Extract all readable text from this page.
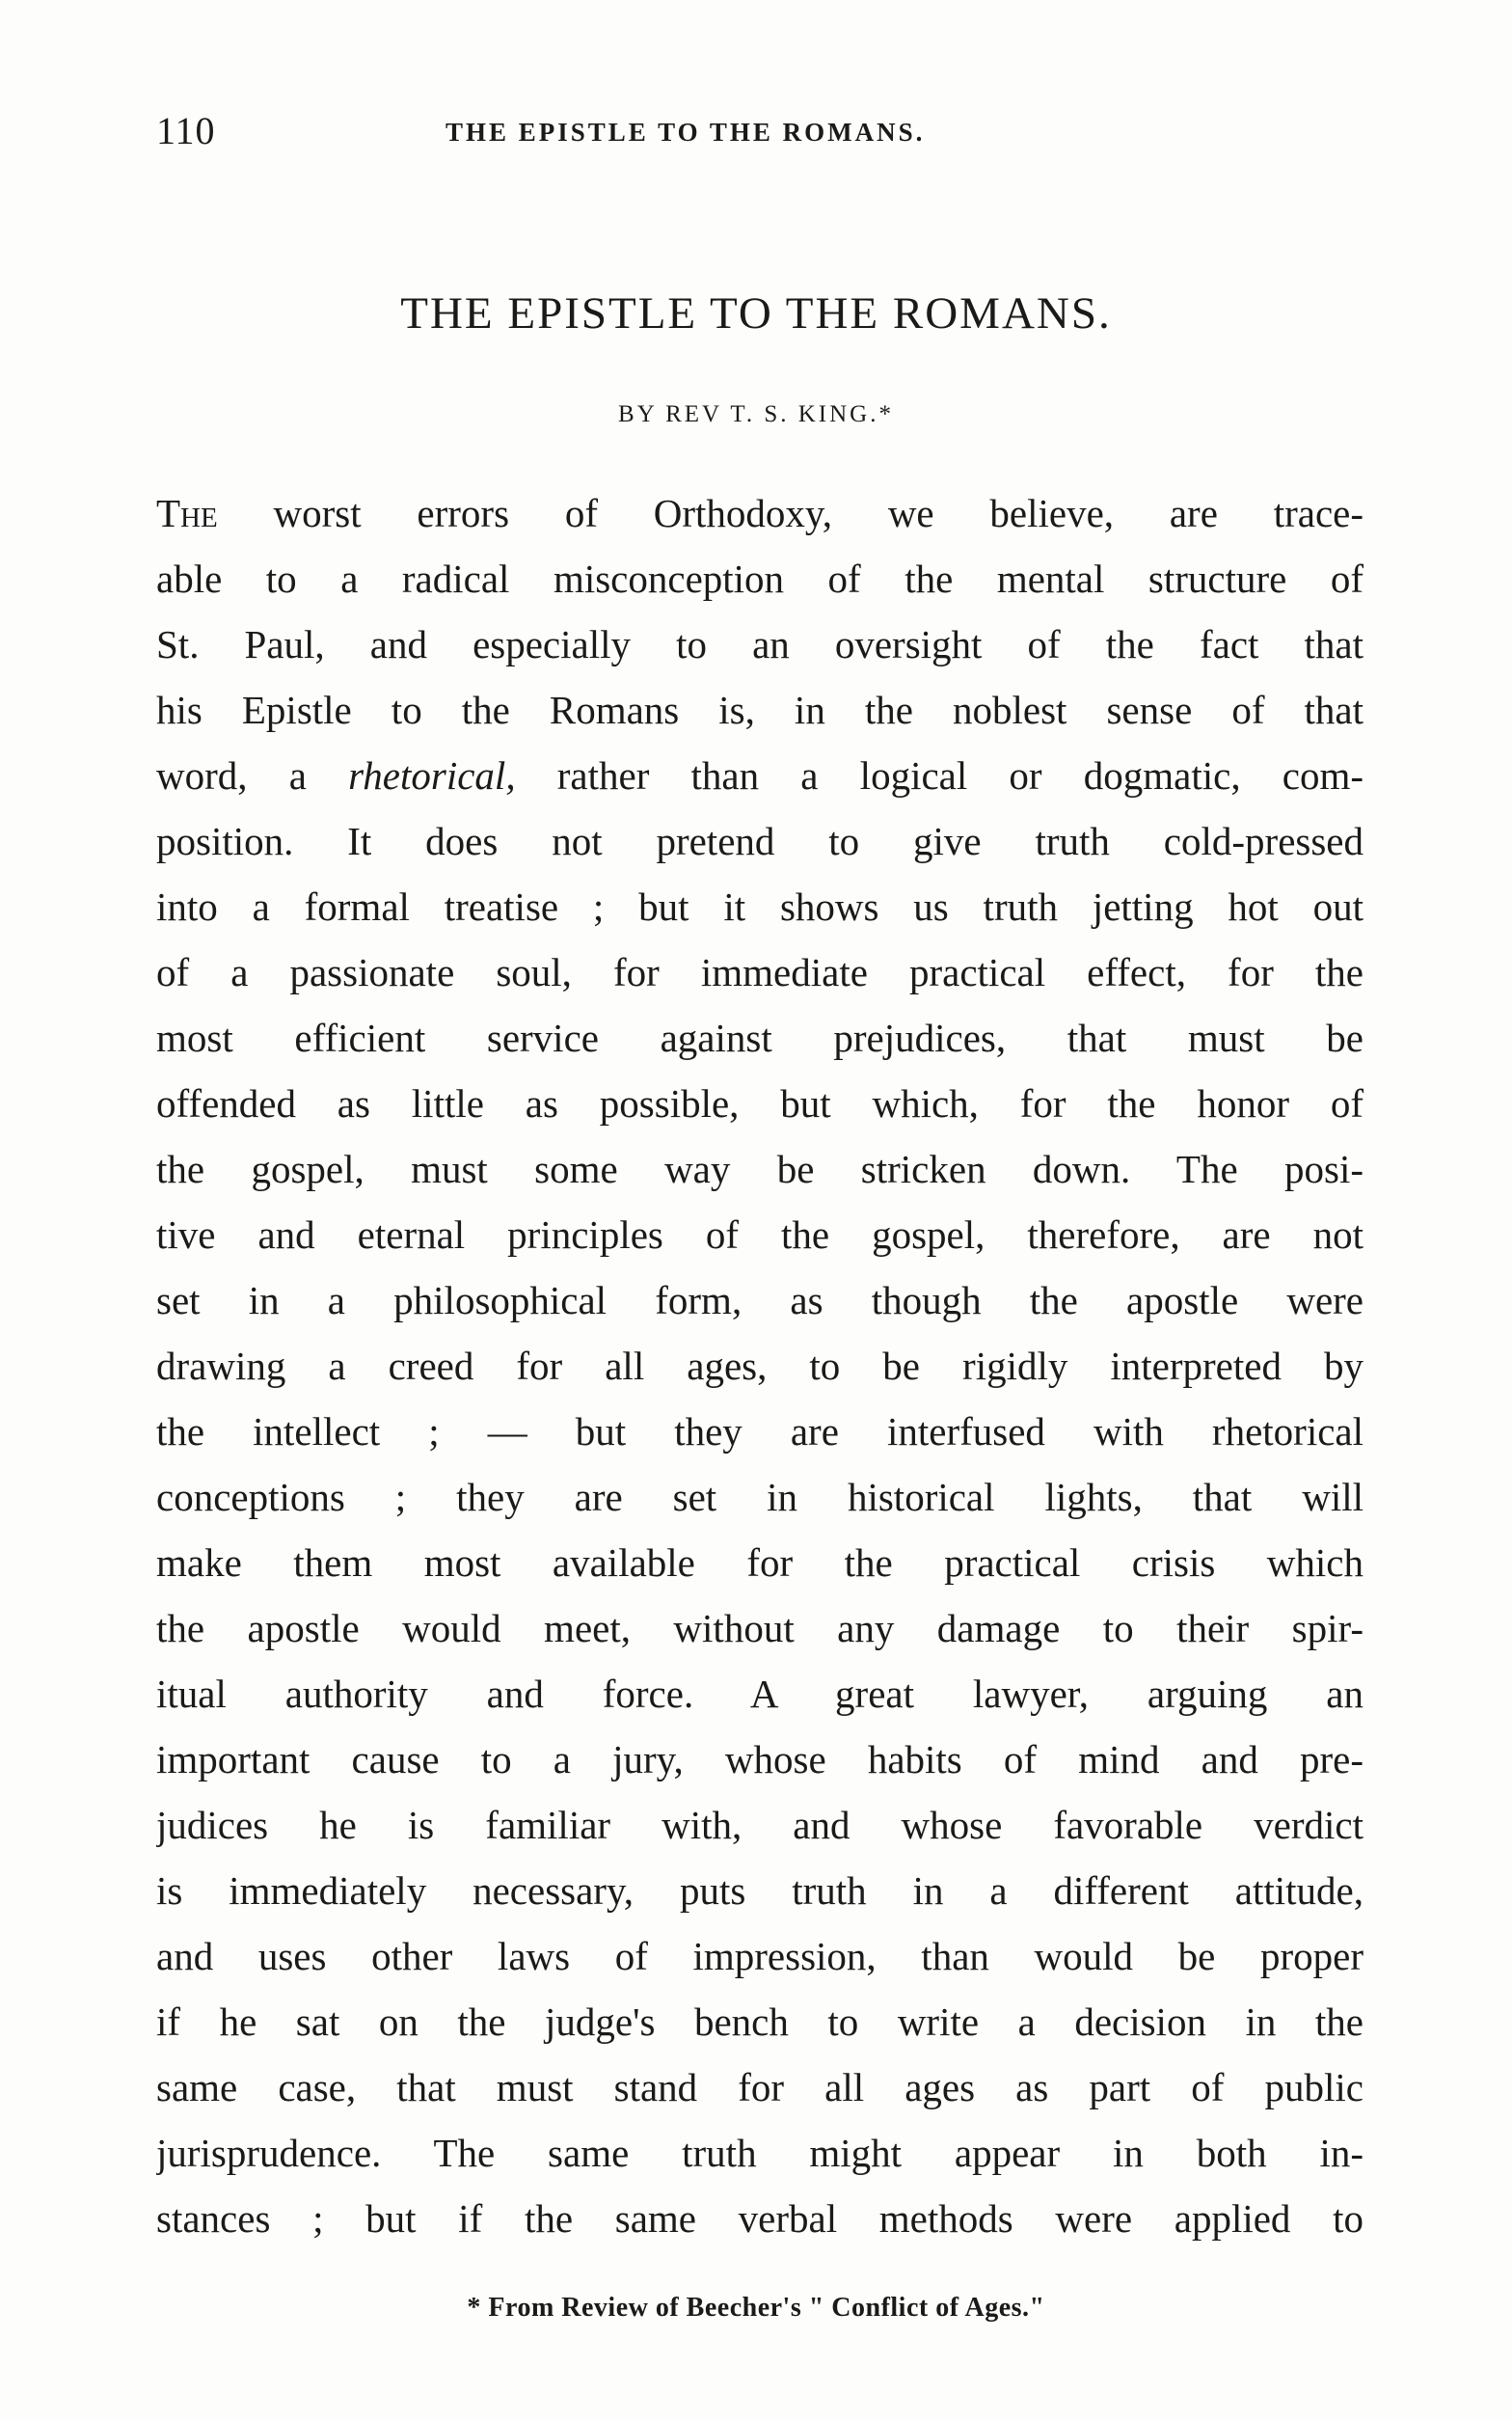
110	THE EPISTLE TO THE ROMANS.
THE EPISTLE TO THE ROMANS.
BY REV T. S. KING.*
The worst errors of Orthodoxy, we believe, are trace-
able to a radical misconception of the mental structure of
St. Paul, and especially to an oversight of the fact that
his Epistle to the Romans is, in the noblest sense of that
word, a rhetorical, rather than a logical or dogmatic, com-
position. It does not pretend to give truth cold-pressed
into a formal treatise ; but it shows us truth jetting hot out
of a passionate soul, for immediate practical effect, for the
most efficient service against prejudices, that must be
offended as little as possible, but which, for the honor of
the gospel, must some way be stricken down. The posi-
tive and eternal principles of the gospel, therefore, are not
set in a philosophical form, as though the apostle were
drawing a creed for all ages, to be rigidly interpreted by
the intellect ; — but they are interfused with rhetorical
conceptions ; they are set in historical lights, that will
make them most available for the practical crisis which
the apostle would meet, without any damage to their spir-
itual authority and force. A great lawyer, arguing an
important cause to a jury, whose habits of mind and pre-
judices he is familiar with, and whose favorable verdict
is immediately necessary, puts truth in a different attitude,
and uses other laws of impression, than would be proper
if he sat on the judge's bench to write a decision in the
same case, that must stand for all ages as part of public
jurisprudence. The same truth might appear in both in-
stances ; but if the same verbal methods were applied to
* From Review of Beecher's " Conflict of Ages."
